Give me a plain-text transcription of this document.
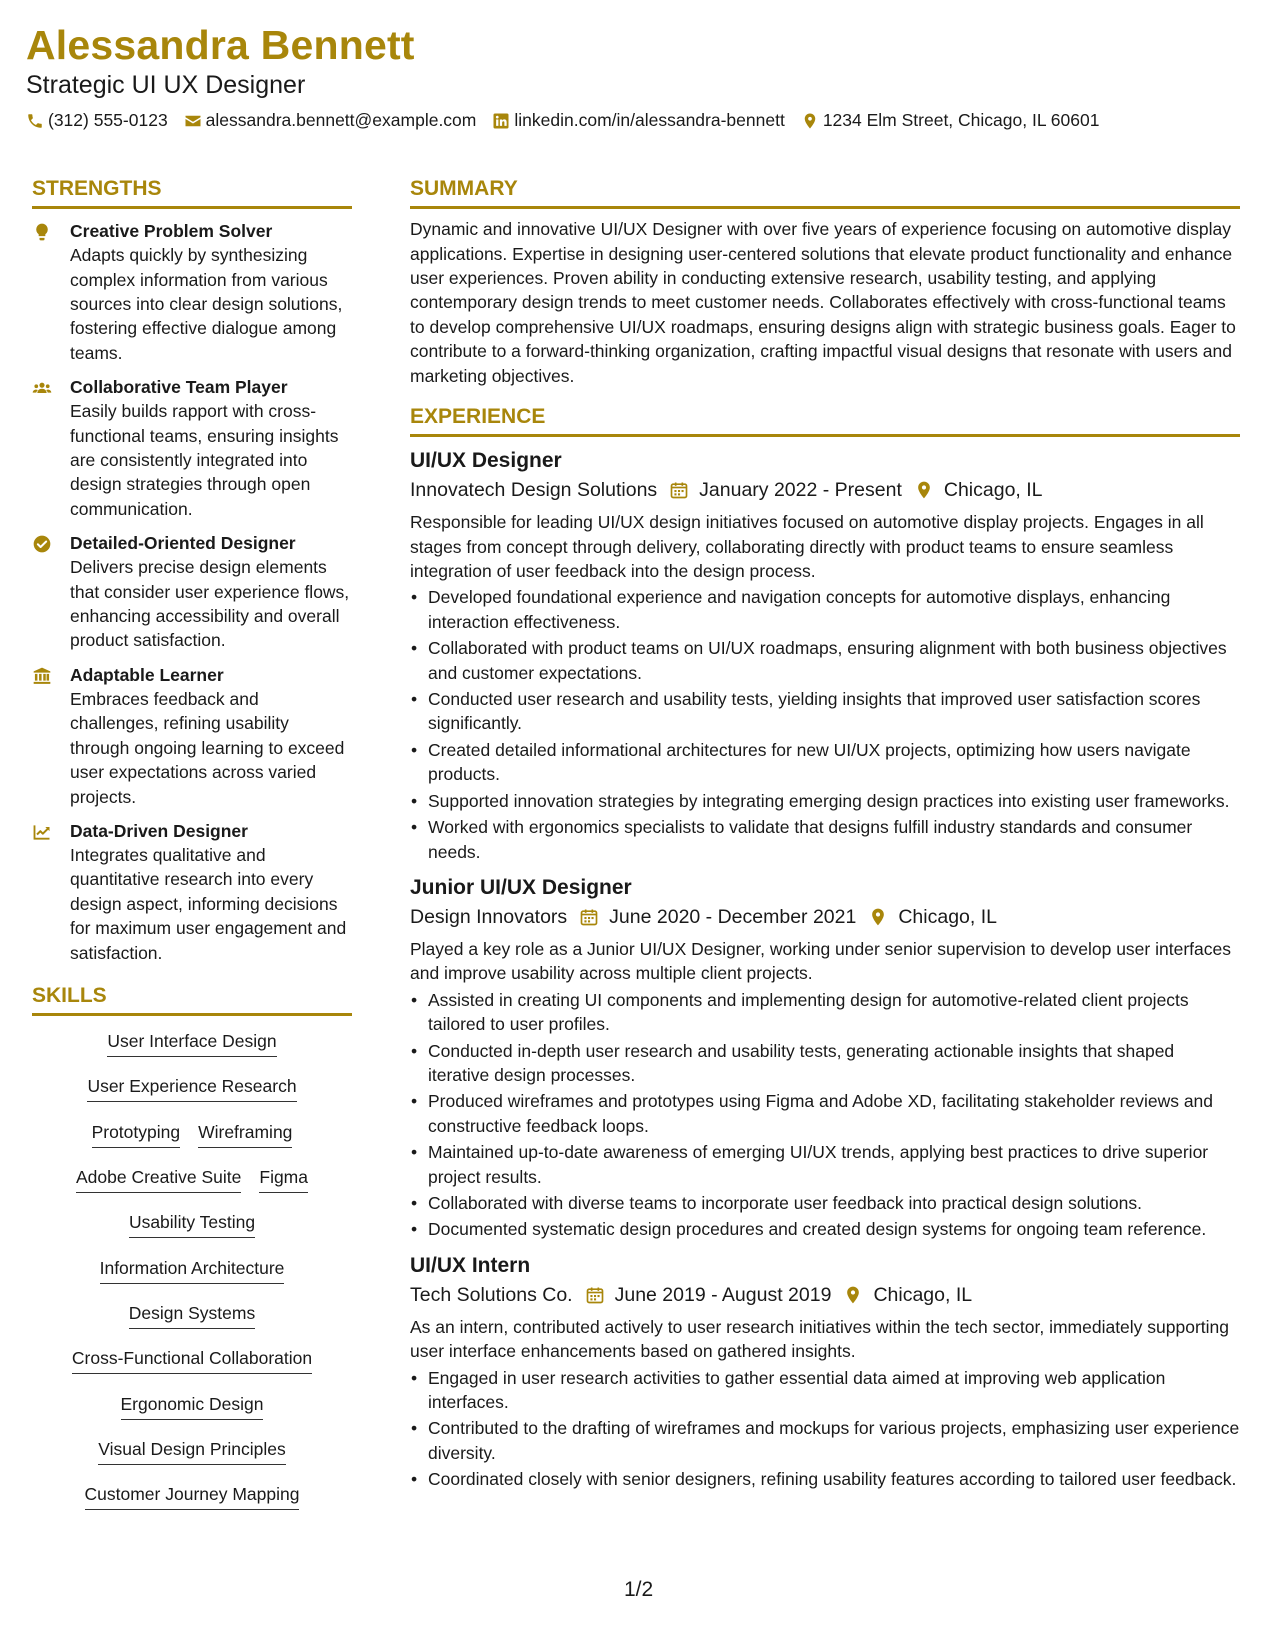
Alessandra Bennett
Strategic UI UX Designer
(312) 555-0123 alessandra.bennett@example.com linkedin.com/in/alessandra-bennett 1234 Elm Street, Chicago, IL 60601
STRENGTHS
Creative Problem Solver
Adapts quickly by synthesizing complex information from various sources into clear design solutions, fostering effective dialogue among teams.
Collaborative Team Player
Easily builds rapport with cross-functional teams, ensuring insights are consistently integrated into design strategies through open communication.
Detailed-Oriented Designer
Delivers precise design elements that consider user experience flows, enhancing accessibility and overall product satisfaction.
Adaptable Learner
Embraces feedback and challenges, refining usability through ongoing learning to exceed user expectations across varied projects.
Data-Driven Designer
Integrates qualitative and quantitative research into every design aspect, informing decisions for maximum user engagement and satisfaction.
SKILLS
User Interface Design
User Experience Research
Prototyping Wireframing
Adobe Creative Suite Figma
Usability Testing
Information Architecture
Design Systems
Cross-Functional Collaboration
Ergonomic Design
Visual Design Principles
Customer Journey Mapping
SUMMARY
Dynamic and innovative UI/UX Designer with over five years of experience focusing on automotive display applications. Expertise in designing user-centered solutions that elevate product functionality and enhance user experiences. Proven ability in conducting extensive research, usability testing, and applying contemporary design trends to meet customer needs. Collaborates effectively with cross-functional teams to develop comprehensive UI/UX roadmaps, ensuring designs align with strategic business goals. Eager to contribute to a forward-thinking organization, crafting impactful visual designs that resonate with users and marketing objectives.
EXPERIENCE
UI/UX Designer
Innovatech Design Solutions January 2022 - Present Chicago, IL
Responsible for leading UI/UX design initiatives focused on automotive display projects. Engages in all stages from concept through delivery, collaborating directly with product teams to ensure seamless integration of user feedback into the design process.
• Developed foundational experience and navigation concepts for automotive displays, enhancing interaction effectiveness.
• Collaborated with product teams on UI/UX roadmaps, ensuring alignment with both business objectives and customer expectations.
• Conducted user research and usability tests, yielding insights that improved user satisfaction scores significantly.
• Created detailed informational architectures for new UI/UX projects, optimizing how users navigate products.
• Supported innovation strategies by integrating emerging design practices into existing user frameworks.
• Worked with ergonomics specialists to validate that designs fulfill industry standards and consumer needs.
Junior UI/UX Designer
Design Innovators June 2020 - December 2021 Chicago, IL
Played a key role as a Junior UI/UX Designer, working under senior supervision to develop user interfaces and improve usability across multiple client projects.
• Assisted in creating UI components and implementing design for automotive-related client projects tailored to user profiles.
• Conducted in-depth user research and usability tests, generating actionable insights that shaped iterative design processes.
• Produced wireframes and prototypes using Figma and Adobe XD, facilitating stakeholder reviews and constructive feedback loops.
• Maintained up-to-date awareness of emerging UI/UX trends, applying best practices to drive superior project results.
• Collaborated with diverse teams to incorporate user feedback into practical design solutions.
• Documented systematic design procedures and created design systems for ongoing team reference.
UI/UX Intern
Tech Solutions Co. June 2019 - August 2019 Chicago, IL
As an intern, contributed actively to user research initiatives within the tech sector, immediately supporting user interface enhancements based on gathered insights.
• Engaged in user research activities to gather essential data aimed at improving web application interfaces.
• Contributed to the drafting of wireframes and mockups for various projects, emphasizing user experience diversity.
• Coordinated closely with senior designers, refining usability features according to tailored user feedback.
1/2
